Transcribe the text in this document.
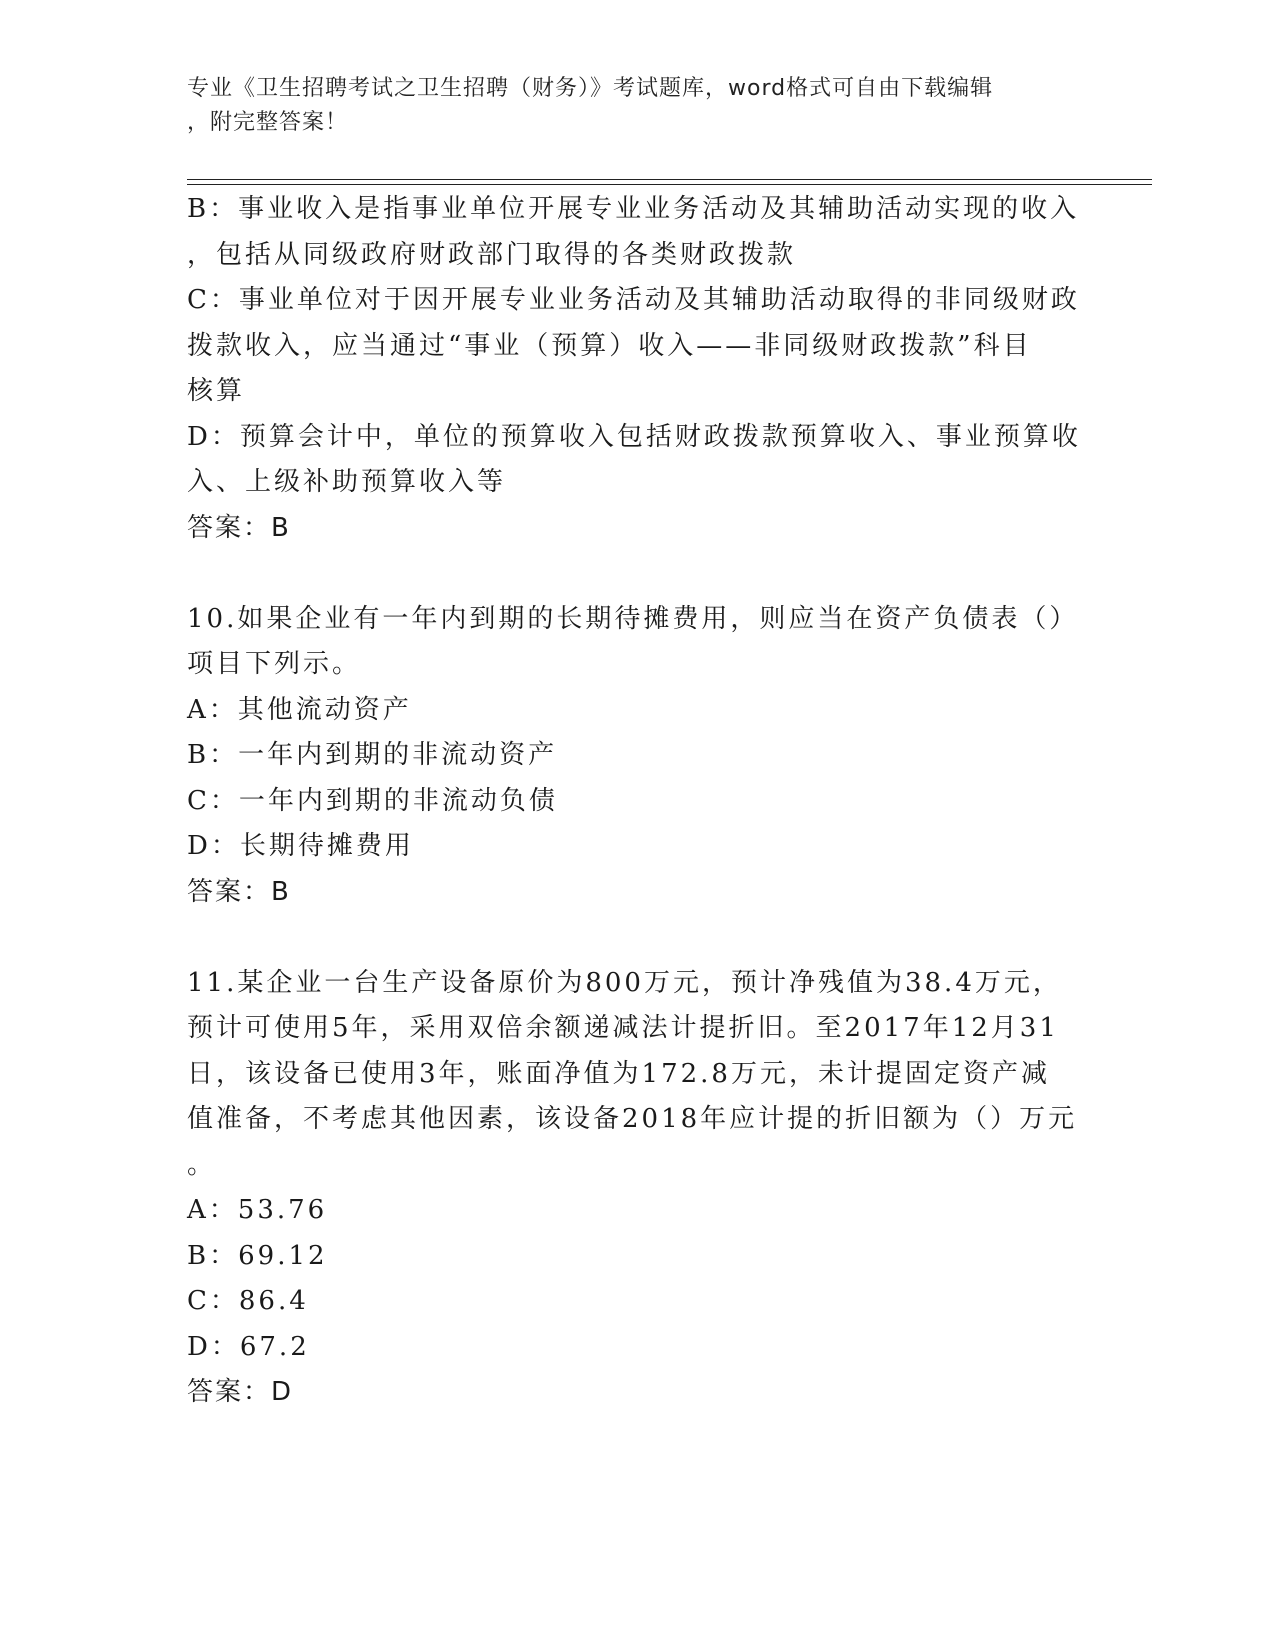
专业《卫生招聘考试之卫生招聘（财务）》考试题库，word格式可自由下载编辑
，附完整答案！
B：事业收入是指事业单位开展专业业务活动及其辅助活动实现的收入
，包括从同级政府财政部门取得的各类财政拨款
C：事业单位对于因开展专业业务活动及其辅助活动取得的非同级财政
拨款收入，应当通过“事业（预算）收入——非同级财政拨款”科目
核算
D：预算会计中，单位的预算收入包括财政拨款预算收入、事业预算收
入、上级补助预算收入等
答案：B
10.如果企业有一年内到期的长期待摊费用，则应当在资产负债表（）
项目下列示。
A：其他流动资产
B：一年内到期的非流动资产
C：一年内到期的非流动负债
D：长期待摊费用
答案：B
11.某企业一台生产设备原价为800万元，预计净残值为38.4万元，
预计可使用5年，采用双倍余额递减法计提折旧。至2017年12月31
日，该设备已使用3年，账面净值为172.8万元，未计提固定资产减
值准备，不考虑其他因素，该设备2018年应计提的折旧额为（）万元
。
A：53.76
B：69.12
C：86.4
D：67.2
答案：D
